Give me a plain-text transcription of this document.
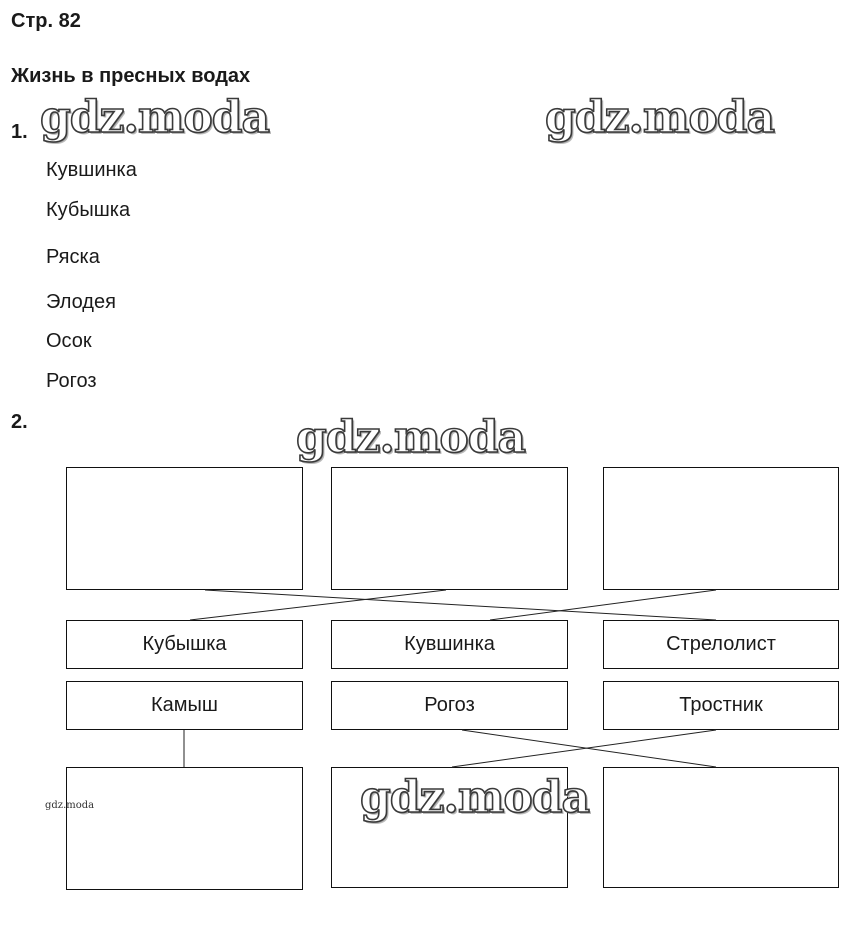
Стр. 82
Жизнь в пресных водах
1.
Кувшинка
Кубышка
Ряска
Элодея
Осок
Рогоз
2.
Кубышка	Кувшинка	Стрелолист
Камыш	Рогоз	Тростник
gdz.moda	gdz.moda
gdz.moda
gdz.moda
gdz.moda
